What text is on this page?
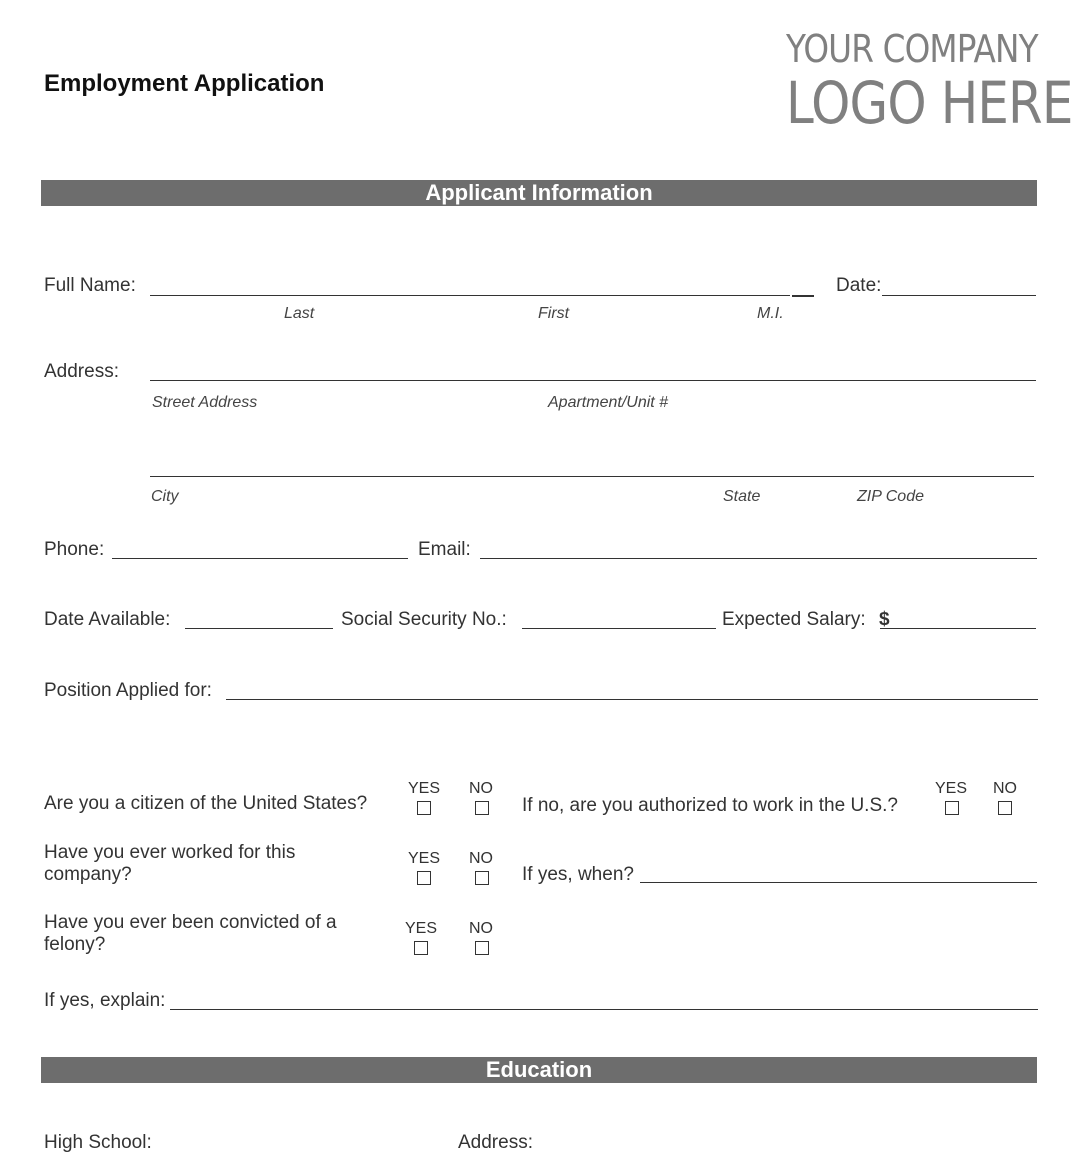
Employment Application
YOUR COMPANY
LOGO HERE
Applicant Information
Full Name:	Date:
Last	First	M.I.
Address:
Street Address	Apartment/Unit #
City	State	ZIP Code
Phone:	Email:
Date Available:	Social Security No.:	Expected Salary: $
Position Applied for:
Are you a citizen of the United States?
YES	NO
If no, are you authorized to work in the U.S.?
YES	NO
Have you ever worked for this
company?
YES	NO
If yes, when?
Have you ever been convicted of a
felony?
YES	NO
If yes, explain:
Education
High School:	Address:
